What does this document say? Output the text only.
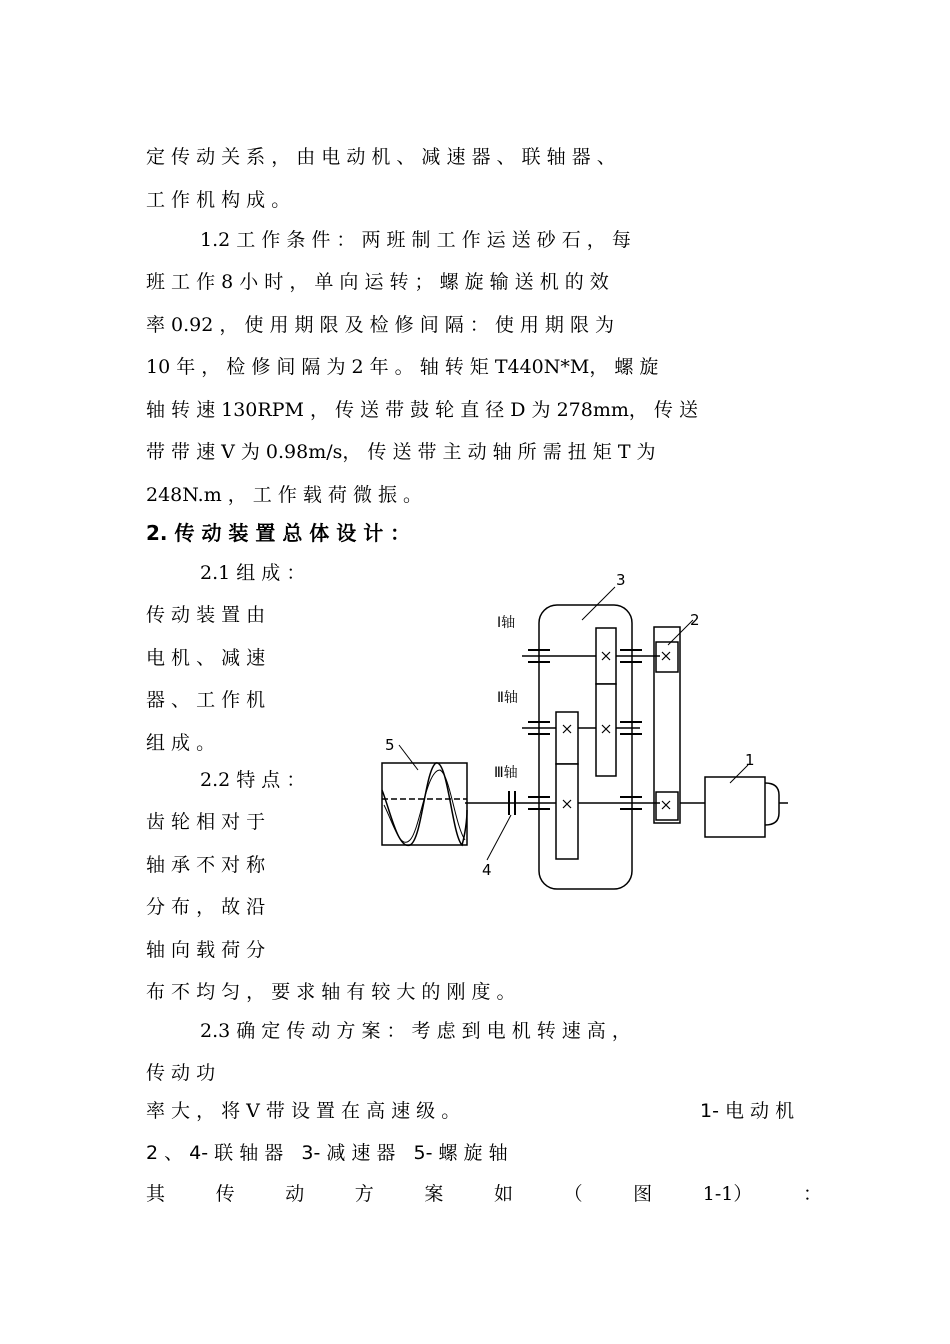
定 传 动 关 系 ， 由 电 动 机 、 减 速 器 、 联 轴 器 、
工 作 机 构 成 。
1.2 工 作 条 件 ： 两 班 制 工 作 运 送 砂 石 ， 每
班 工 作 8 小 时 ， 单 向 运 转 ； 螺 旋 输 送 机 的 效
率 0.92 ， 使 用 期 限 及 检 修 间 隔 ： 使 用 期 限 为
10 年 ， 检 修 间 隔 为 2 年 。 轴 转 矩 T440N*M， 螺 旋
轴 转 速 130RPM ， 传 送 带 鼓 轮 直 径 D 为 278mm， 传 送
带 带 速 V 为 0.98m/s， 传 送 带 主 动 轴 所 需 扭 矩 T 为
248N.m ， 工 作 载 荷 微 振 。
2. 传 动 装 置 总 体 设 计 ：
2.1 组 成 ：
传 动 装 置 由
电 机 、 减 速
器 、 工 作 机
组 成 。
2.2 特 点 ：
齿 轮 相 对 于
轴 承 不 对 称
分 布 ， 故 沿
轴 向 载 荷 分
布 不 均 匀 ， 要 求 轴 有 较 大 的 刚 度 。
2.3 确 定 传 动 方 案 ： 考 虑 到 电 机 转 速 高 ，
传 动 功
率 大 ， 将 V 带 设 置 在 高 速 级 。	1- 电 动 机
2 、 4- 联 轴 器   3- 减 速 器   5- 螺 旋 轴
其	传	动	方	案	如	（	图	1-1）	：
3
2
1
5
4
Ⅰ轴
Ⅱ轴
Ⅲ轴
